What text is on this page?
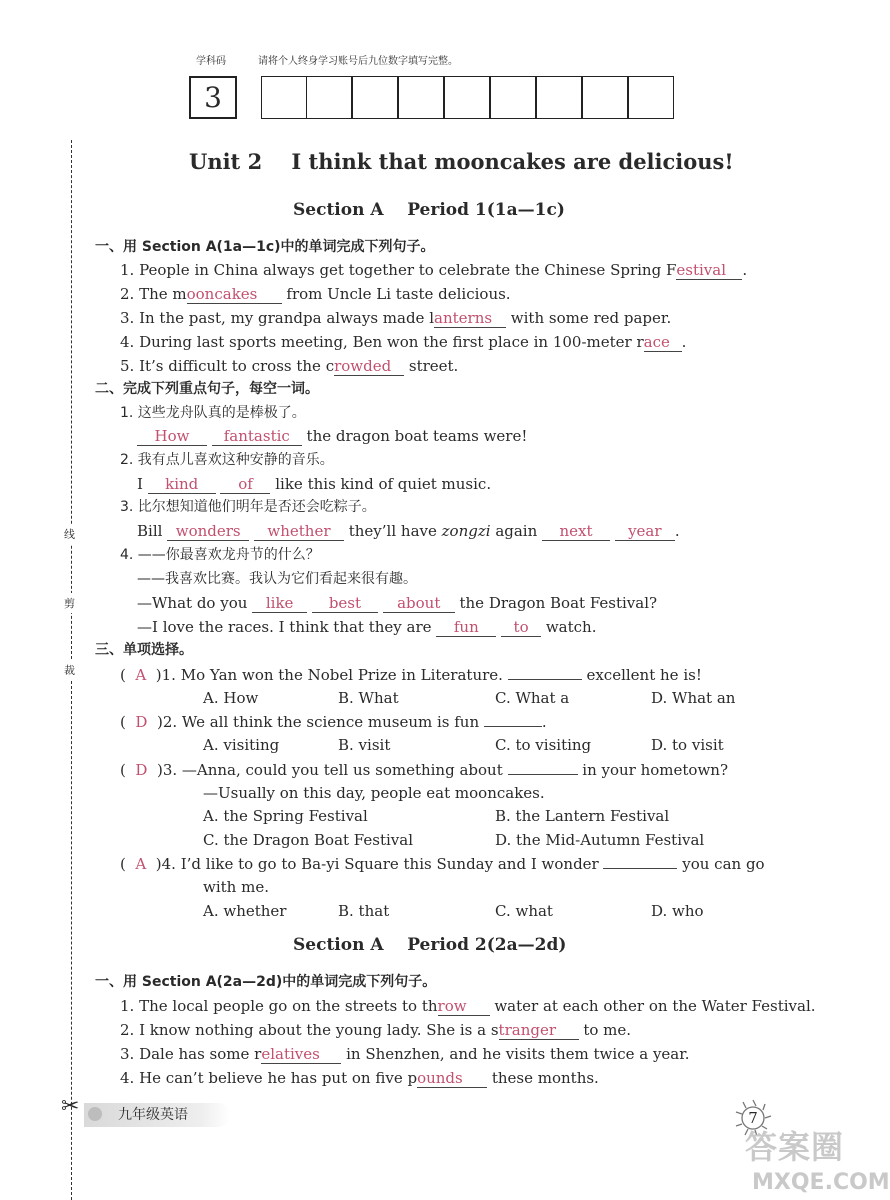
学科码	请将个人终身学习账号后九位数字填写完整。
3
线
剪
裁
✂
Unit 2    I think that mooncakes are delicious!
Section A    Period 1(1a—1c)
一、用 Section A(1a—1c)中的单词完成下列句子。
1. People in China always get together to celebrate the Chinese Spring Festival .
2. The mooncakes from Uncle Li taste delicious.
3. In the past, my grandpa always made lanterns with some red paper.
4. During last sports meeting, Ben won the first place in 100-meter race .
5. It’s difficult to cross the crowded street.
二、完成下列重点句子，每空一词。
1. 这些龙舟队真的是棒极了。
How fantastic the dragon boat teams were!
2. 我有点儿喜欢这种安静的音乐。
I kind	of like this kind of quiet music.
3. 比尔想知道他们明年是否还会吃粽子。
Bill wonders whether they’ll have zongzi again next year .
4. ——你最喜欢龙舟节的什么？
——我喜欢比赛。我认为它们看起来很有趣。
—What do you like best about the Dragon Boat Festival?
—I love the races. I think that they are fun to watch.
三、单项选择。
(  A )1. Mo Yan won the Nobel Prize in Literature.	excellent he is!
A. How	B. What	C. What a	D. What an
(  D )2. We all think the science museum is fun	.
A. visiting	B. visit	C. to visiting	D. to visit
(  D )3. —Anna, could you tell us something about	in your hometown?
—Usually on this day, people eat mooncakes.
A. the Spring Festival	B. the Lantern Festival
C. the Dragon Boat Festival	D. the Mid-Autumn Festival
(  A )4. I’d like to go to Ba-yi Square this Sunday and I wonder	you can go
with me.
A. whether	B. that	C. what	D. who
Section A    Period 2(2a—2d)
一、用 Section A(2a—2d)中的单词完成下列句子。
1. The local people go on the streets to throw water at each other on the Water Festival.
2. I know nothing about the young lady. She is a stranger to me.
3. Dale has some relatives in Shenzhen, and he visits them twice a year.
4. He can’t believe he has put on five pounds these months.
九年级英语	7
答案圈
MXQE.COM
